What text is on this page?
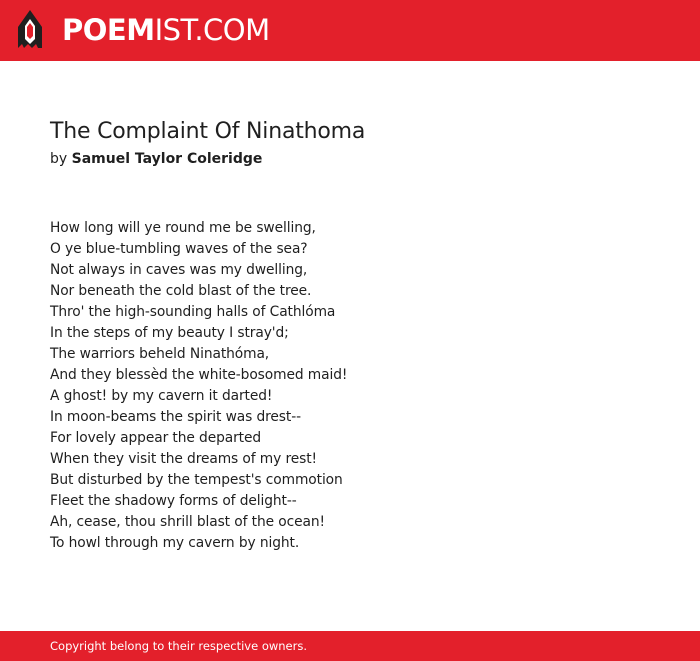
POEM IST.COM
The Complaint Of Ninathoma
by Samuel Taylor Coleridge
How long will ye round me be swelling,
O ye blue-tumbling waves of the sea?
Not always in caves was my dwelling,
Nor beneath the cold blast of the tree.
Thro' the high-sounding halls of Cathlóma
In the steps of my beauty I stray'd;
The warriors beheld Ninathóma,
And they blessèd the white-bosomed maid!
A ghost! by my cavern it darted!
In moon-beams the spirit was drest--
For lovely appear the departed
When they visit the dreams of my rest!
But disturbed by the tempest's commotion
Fleet the shadowy forms of delight--
Ah, cease, thou shrill blast of the ocean!
To howl through my cavern by night.
Copyright belong to their respective owners.
